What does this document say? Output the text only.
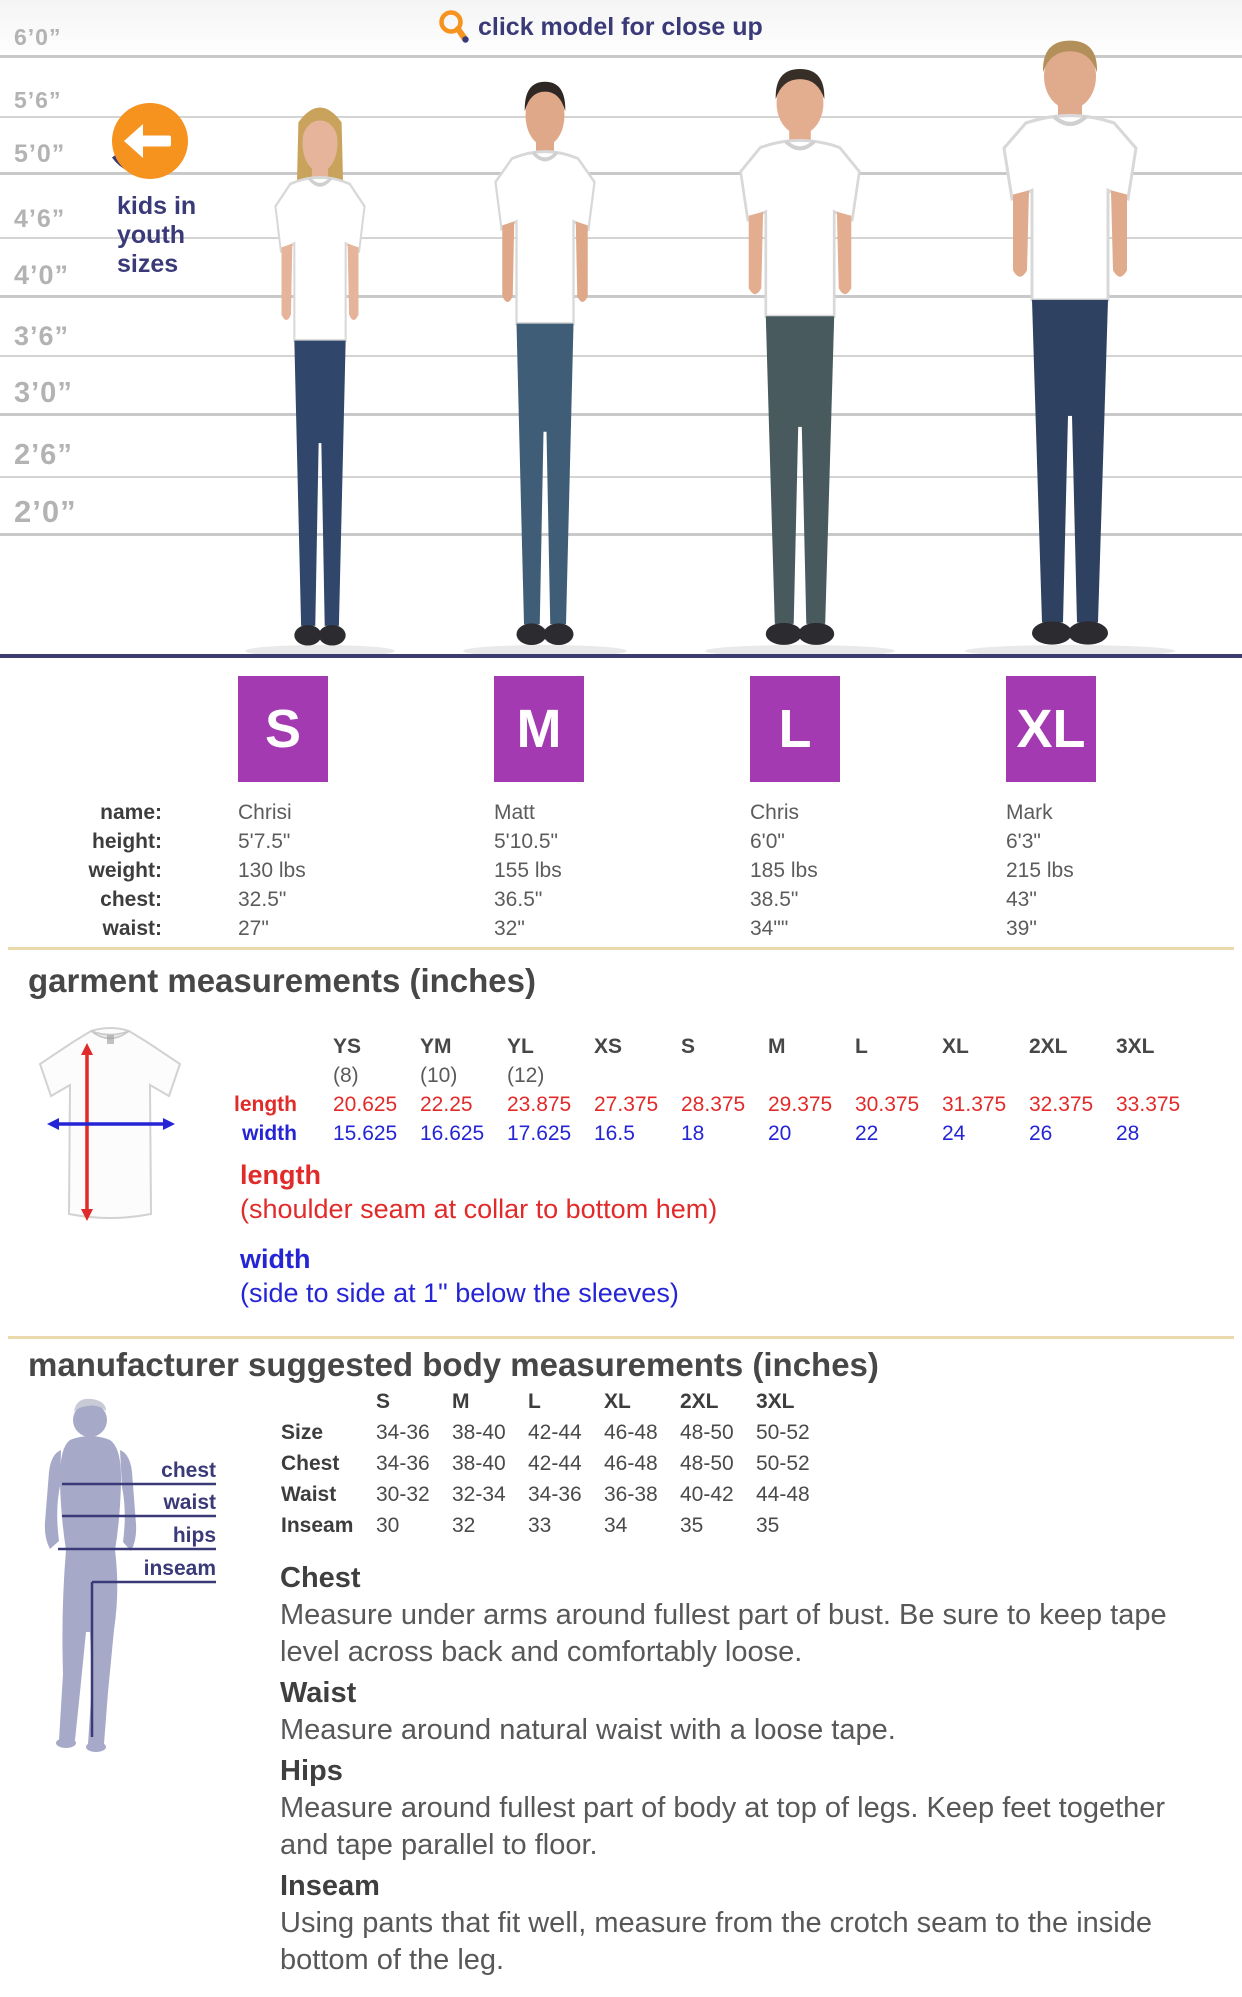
6’0”
5’6”
5’0”
4’6”
4’0”
3’6”
3’0”
2’6”
2’0”
click model for close up
kids in
youth
sizes
S	M	L	XL
name:	Chrisi	Matt	Chris	Mark
height:	5'7.5"	5'10.5"	6'0"	6'3"
weight:	130 lbs	155 lbs	185 lbs	215 lbs
chest:	32.5"	36.5"	38.5"	43"
waist:	27"	32"	34""	39"
garment measurements (inches)
YS	YM	YL	XS	S	M	L	XL	2XL	3XL
(8)	(10)	(12)
length	20.625	22.25	23.875	27.375	28.375	29.375	30.375	31.375	32.375	33.375
width	15.625	16.625	17.625	16.5	18	20	22	24	26	28
length
(shoulder seam at collar to bottom hem)
width
(side to side at 1" below the sleeves)
manufacturer suggested body measurements (inches)
chest
waist
hips
inseam
S	M	L	XL	2XL	3XL
Size	34-36	38-40	42-44	46-48	48-50	50-52
Chest	34-36	38-40	42-44	46-48	48-50	50-52
Waist	30-32	32-34	34-36	36-38	40-42	44-48
Inseam	30	32	33	34	35	35
Chest

Measure under arms around fullest part of bust. Be sure to keep tape level across back and comfortably loose.

Waist

Measure around natural waist with a loose tape.

Hips

Measure around fullest part of body at top of legs. Keep feet together and tape parallel to floor.

Inseam

Using pants that fit well, measure from the crotch seam to the inside bottom of the leg.
